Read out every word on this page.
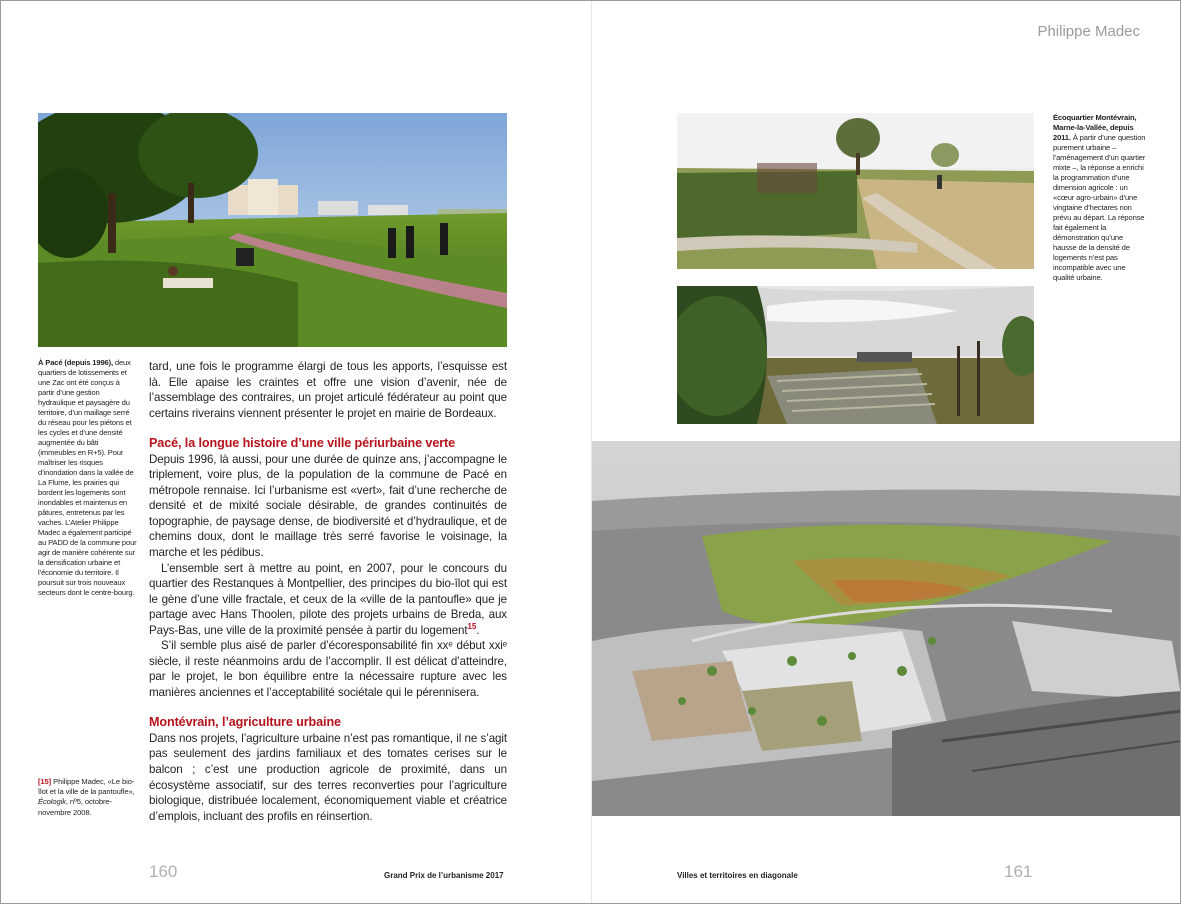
Philippe Madec
À Pacé (depuis 1996), deux quartiers de lotissements et une Zac ont été conçus à partir d’une gestion hydraulique et paysagère du territoire, d’un maillage serré du réseau pour les piétons et les cycles et d’une densité augmentée du bâti (immeubles en R+5). Pour maîtriser les risques d’inondation dans la vallée de La Flume, les prairies qui bordent les logements sont inondables et maintenus en pâtures, entretenus par les vaches. L’Atelier Philippe Madec a également participé au PADD de la commune pour agir de manière cohérente sur la densification urbaine et l’économie du territoire. Il poursuit sur trois nouveaux secteurs dont le centre-bourg.
Écoquartier Montévrain, Marne-la-Vallée, depuis 2011. À partir d’une question purement urbaine – l’aménagement d’un quartier mixte –, la réponse a enrichi la programmation d’une dimension agricole : un «cœur agro-urbain» d’une vingtaine d’hectares non prévu au départ. La réponse fait également la démonstration qu’une hausse de la densité de logements n’est pas incompatible avec une qualité urbaine.

tard, une fois le programme élargi de tous les apports, l’esquisse est là. Elle apaise les craintes et offre une vision d’avenir, née de l’assemblage des contraires, un projet articulé fédérateur au point que certains riverains viennent présenter le projet en mairie de Bordeaux.

Pacé, la longue histoire d’une ville périurbaine verte

Depuis 1996, là aussi, pour une durée de quinze ans, j’accompagne le triplement, voire plus, de la population de la commune de Pacé en métropole rennaise. Ici l’urbanisme est «vert», fait d’une recherche de densité et de mixité sociale désirable, de grandes continuités de topographie, de paysage dense, de biodiversité et d’hydraulique, et de chemins doux, dont le maillage très serré favorise le voisinage, la marche et les pédibus.

L’ensemble sert à mettre au point, en 2007, pour le concours du quartier des Restanques à Montpellier, des principes du bio-îlot qui est le gène d’une ville fractale, et ceux de la «ville de la pantoufle» que je partage avec Hans Thoolen, pilote des projets urbains de Breda, aux Pays-Bas, une ville de la proximité pensée à partir du logement$^{15}$.

S’il semble plus aisé de parler d’écoresponsabilité fin xxᵉ début xxiᵉ siècle, il reste néanmoins ardu de l’accomplir. Il est délicat d’atteindre, par le projet, le bon équilibre entre la nécessaire rupture avec les manières anciennes et l’acceptabilité sociétale qui le pérennisera.

Montévrain, l’agriculture urbaine

Dans nos projets, l’agriculture urbaine n’est pas romantique, il ne s’agit pas seulement des jardins familiaux et des tomates cerises sur le balcon ; c’est une production agricole de proximité, dans un écosystème associatif, sur des terres reconverties pour l’agriculture biologique, distribuée localement, économiquement viable et créatrice d’emplois, incluant des profils en réinsertion.

[15] Philippe Madec, «Le bio-îlot et la ville de la pantoufle», Écologik, nº5, octobre-novembre 2008.
160	Grand Prix de l’urbanisme 2017	Villes et territoires en diagonale	161
